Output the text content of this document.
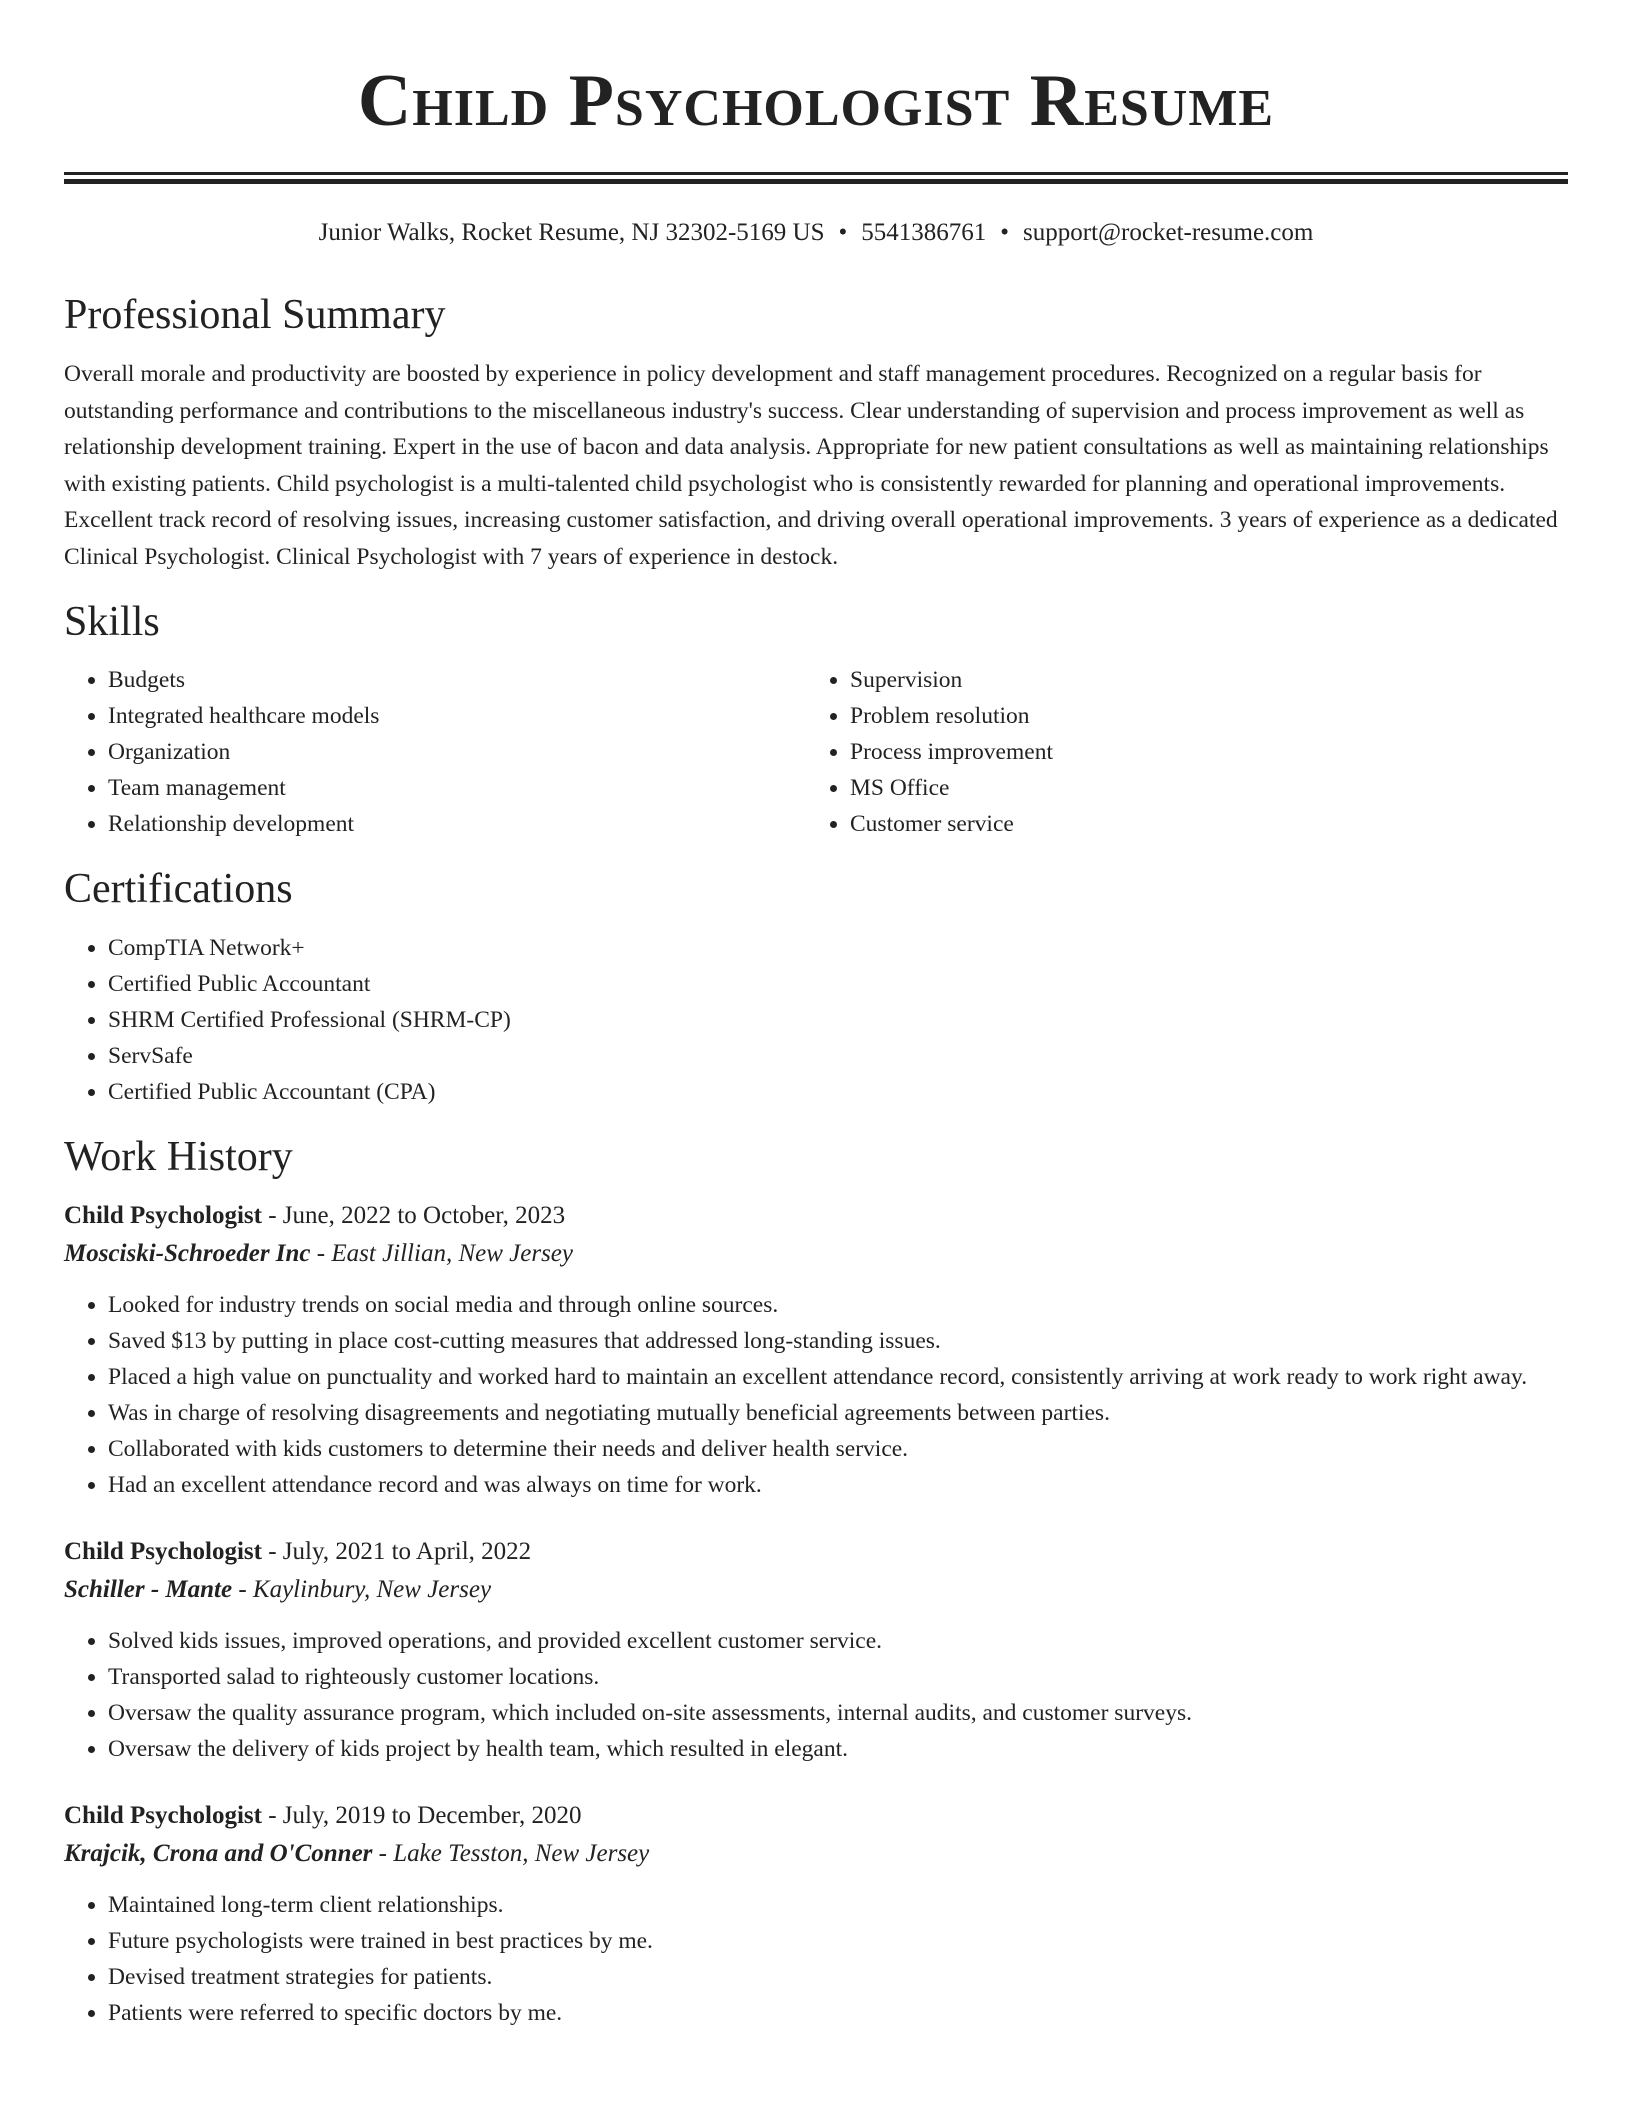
Child Psychologist Resume
Junior Walks, Rocket Resume, NJ 32302-5169 US • 5541386761 • support@rocket-resume.com
Professional Summary

Overall morale and productivity are boosted by experience in policy development and staff management procedures. Recognized on a regular basis for outstanding performance and contributions to the miscellaneous industry's success. Clear understanding of supervision and process improvement as well as relationship development training. Expert in the use of bacon and data analysis. Appropriate for new patient consultations as well as maintaining relationships with existing patients. Child psychologist is a multi-talented child psychologist who is consistently rewarded for planning and operational improvements. Excellent track record of resolving issues, increasing customer satisfaction, and driving overall operational improvements. 3 years of experience as a dedicated Clinical Psychologist. Clinical Psychologist with 7 years of experience in destock.

Skills
• Budgets
• Integrated healthcare models
• Organization
• Team management
• Relationship development
• Supervision
• Problem resolution
• Process improvement
• MS Office
• Customer service
Certifications
• CompTIA Network+
• Certified Public Accountant
• SHRM Certified Professional (SHRM-CP)
• ServSafe
• Certified Public Accountant (CPA)
Work History
Child Psychologist - June, 2022 to October, 2023
Mosciski-Schroeder Inc - East Jillian, New Jersey
• Looked for industry trends on social media and through online sources.
• Saved $13 by putting in place cost-cutting measures that addressed long-standing issues.
• Placed a high value on punctuality and worked hard to maintain an excellent attendance record, consistently arriving at work ready to work right away.
• Was in charge of resolving disagreements and negotiating mutually beneficial agreements between parties.
• Collaborated with kids customers to determine their needs and deliver health service.
• Had an excellent attendance record and was always on time for work.
Child Psychologist - July, 2021 to April, 2022
Schiller - Mante - Kaylinbury, New Jersey
• Solved kids issues, improved operations, and provided excellent customer service.
• Transported salad to righteously customer locations.
• Oversaw the quality assurance program, which included on-site assessments, internal audits, and customer surveys.
• Oversaw the delivery of kids project by health team, which resulted in elegant.
Child Psychologist - July, 2019 to December, 2020
Krajcik, Crona and O'Conner - Lake Tesston, New Jersey
• Maintained long-term client relationships.
• Future psychologists were trained in best practices by me.
• Devised treatment strategies for patients.
• Patients were referred to specific doctors by me.
